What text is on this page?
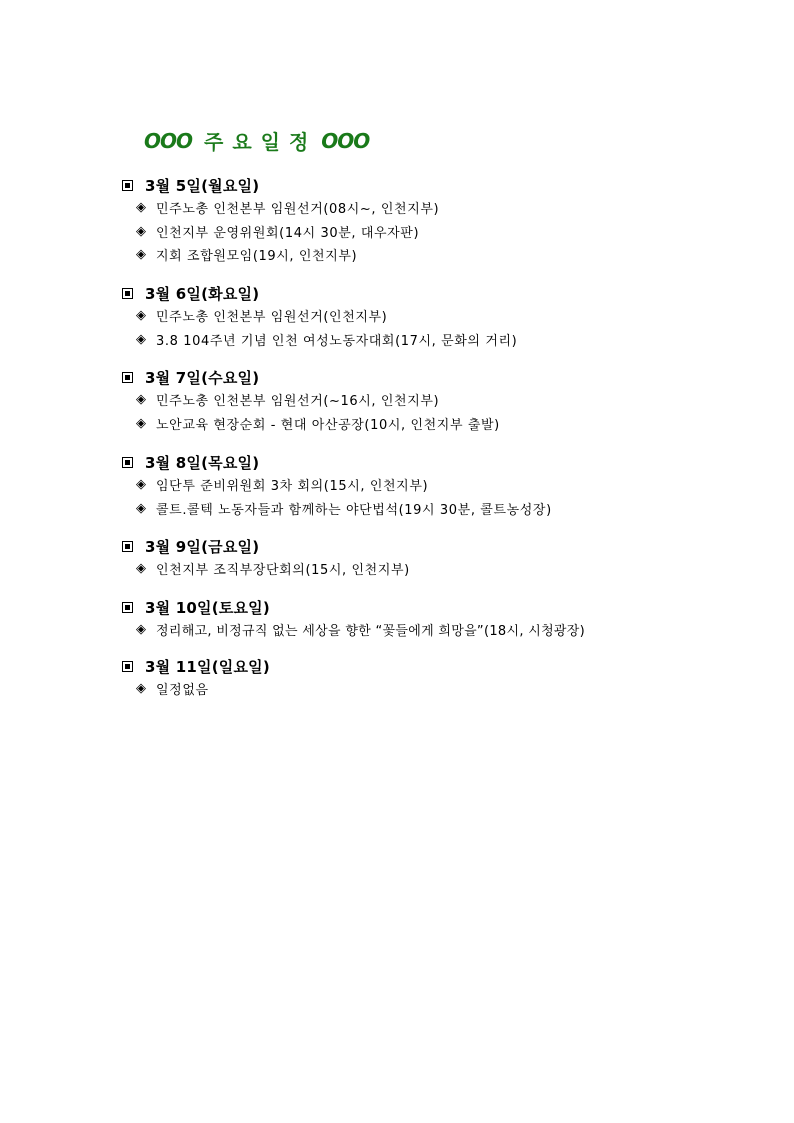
OOO 주요일정 OOO
3월 5일(월요일)
◈ 민주노총 인천본부 임원선거(08시~, 인천지부)
◈ 인천지부 운영위원회(14시 30분, 대우자판)
◈ 지회 조합원모임(19시, 인천지부)
3월 6일(화요일)
◈ 민주노총 인천본부 임원선거(인천지부)
◈ 3.8 104주년 기념 인천 여성노동자대회(17시, 문화의 거리)
3월 7일(수요일)
◈ 민주노총 인천본부 임원선거(~16시, 인천지부)
◈ 노안교육 현장순회 - 현대 아산공장(10시, 인천지부 출발)
3월 8일(목요일)
◈ 임단투 준비위원회 3차 회의(15시, 인천지부)
◈ 콜트.콜텍 노동자들과 함께하는 야단법석(19시 30분, 콜트농성장)
3월 9일(금요일)
◈ 인천지부 조직부장단회의(15시, 인천지부)
3월 10일(토요일)
◈ 정리해고, 비정규직 없는 세상을 향한 “꽃들에게 희망을”(18시, 시청광장)
3월 11일(일요일)
◈ 일정없음
